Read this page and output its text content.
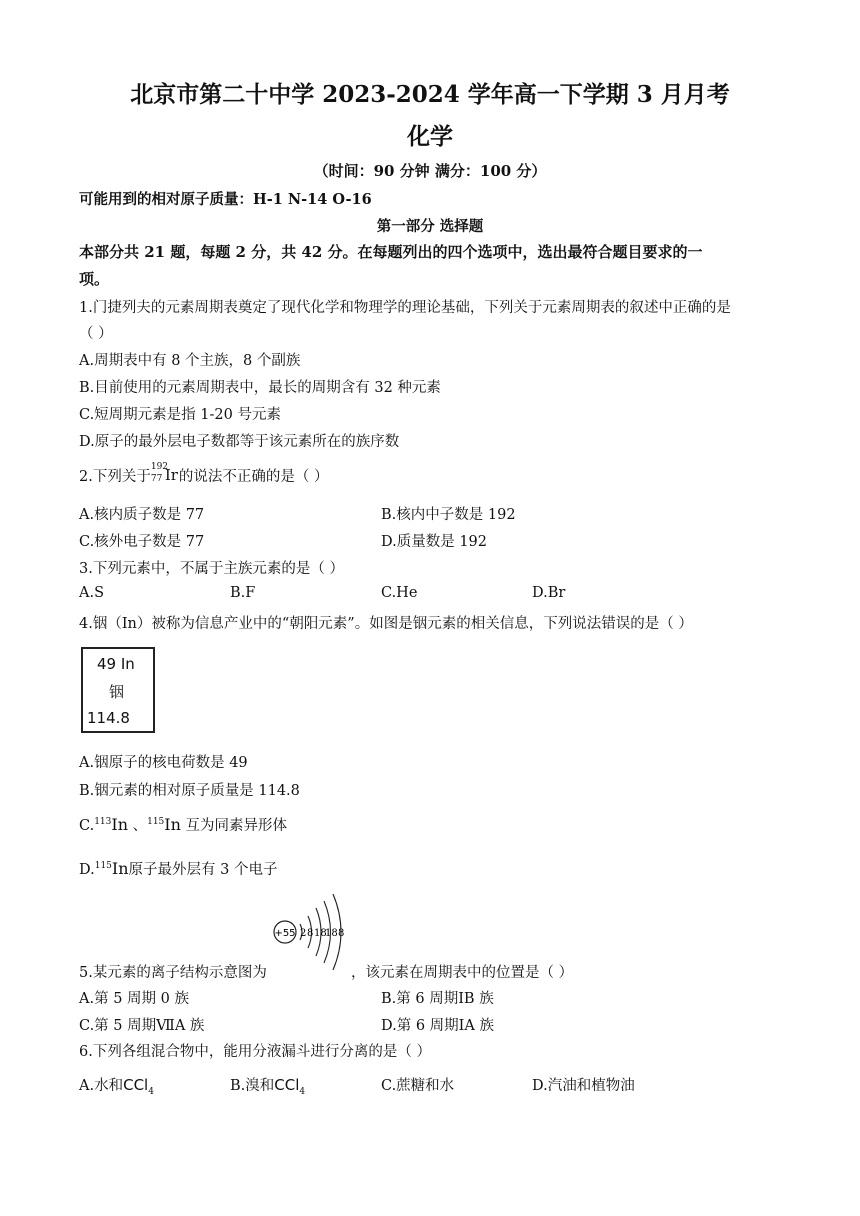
北京市第二十中学 2023-2024 学年高一下学期 3 月月考
化学
（时间：90 分钟 满分：100 分）
可能用到的相对原子质量：H-1 N-14 O-16
第一部分 选择题
本部分共 21 题，每题 2 分，共 42 分。在每题列出的四个选项中，选出最符合题目要求的一
项。
1.门捷列夫的元素周期表奠定了现代化学和物理学的理论基础，下列关于元素周期表的叙述中正确的是
（ ）
A.周期表中有 8 个主族，8 个副族
B.目前使用的元素周期表中，最长的周期含有 32 种元素
C.短周期元素是指 1-20 号元素
D.原子的最外层电子数都等于该元素所在的族序数
2.下列关于
192
77 Ir 的说法不正确的是（ ）
A.核内质子数是 77	B.核内中子数是 192
C.核外电子数是 77	D.质量数是 192
3.下列元素中，不属于主族元素的是（ ）
A.S	B.F	C.He	D.Br
4.铟（In）被称为信息产业中的“朝阳元素”。如图是铟元素的相关信息，下列说法错误的是（ ）
49 In
铟
114.8
A.铟原子的核电荷数是 49
B.铟元素的相对原子质量是 114.8
C.$^{113}$In 、$^{115}$In 互为同素异形体
D.$^{115}$In原子最外层有 3 个电子
+55 2 8 18
18 8
5.某元素的离子结构示意图为	，该元素在周期表中的位置是（ ）
A.第 5 周期 0 族	B.第 6 周期ⅠB 族
C.第 5 周期ⅦA 族	D.第 6 周期ⅠA 族
6.下列各组混合物中，能用分液漏斗进行分离的是（ ）
A.水和CCl$_4$	B.溴和CCl$_4$	C.蔗糖和水	D.汽油和植物油
